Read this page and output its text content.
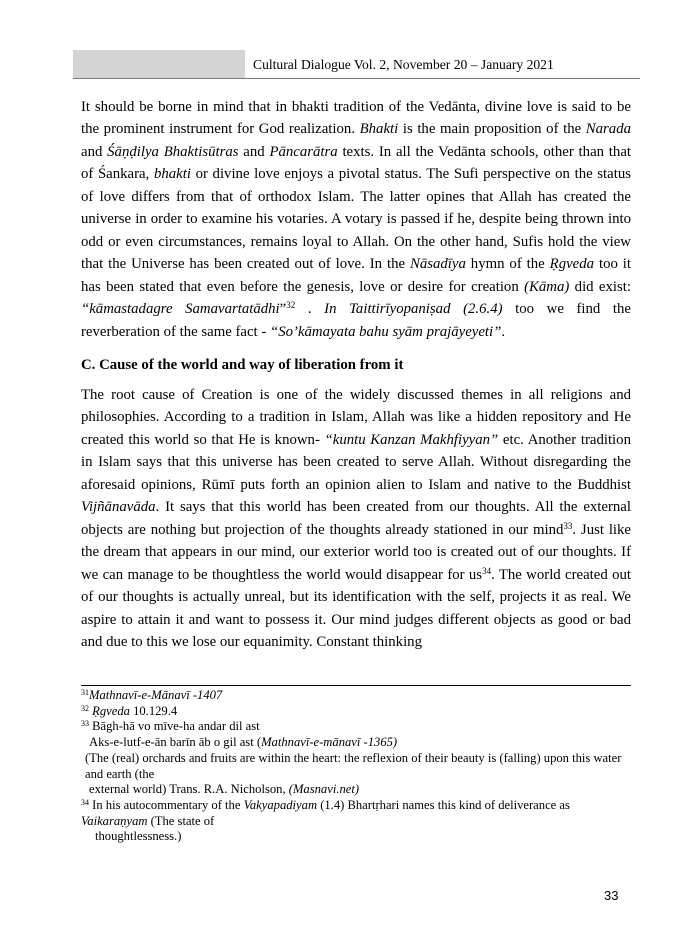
Cultural Dialogue Vol. 2, November 20 – January 2021

It should be borne in mind that in bhakti tradition of the Vedānta, divine love is said to be the prominent instrument for God realization. Bhakti is the main proposition of the Narada and Śāṇḍilya Bhaktisūtras and Pāncarātra texts. In all the Vedānta schools, other than that of Śankara, bhakti or divine love enjoys a pivotal status. The Sufi perspective on the status of love differs from that of orthodox Islam. The latter opines that Allah has created the universe in order to examine his votaries. A votary is passed if he, despite being thrown into odd or even circumstances, remains loyal to Allah. On the other hand, Sufis hold the view that the Universe has been created out of love. In the Nāsadīya hymn of the Ṛgveda too it has been stated that even before the genesis, love or desire for creation (Kāma) did exist: “kāmastadagre Samavartatādhi”$^{32}$ . In Taittirīyopaniṣad (2.6.4) too we find the reverberation of the same fact - “So’kāmayata bahu syām prajāyeyeti”.

C. Cause of the world and way of liberation from it

The root cause of Creation is one of the widely discussed themes in all religions and philosophies. According to a tradition in Islam, Allah was like a hidden repository and He created this world so that He is known- “kuntu Kanzan Makhfiyyan” etc. Another tradition in Islam says that this universe has been created to serve Allah. Without disregarding the aforesaid opinions, Rūmī puts forth an opinion alien to Islam and native to the Buddhist Vijñānavāda. It says that this world has been created from our thoughts. All the external objects are nothing but projection of the thoughts already stationed in our mind$^{33}$. Just like the dream that appears in our mind, our exterior world too is created out of our thoughts. If we can manage to be thoughtless the world would disappear for $us^{34}$. The world created out of our thoughts is actually unreal, but its identification with the self, projects it as real. We aspire to attain it and want to possess it. Our mind judges different objects as good or bad and due to this we lose our equanimity. Constant thinking

$^{31}$Mathnavī-e-Mānavī -1407
$^{32}$ Ṛgveda 10.129.4
$^{33}$ Bāgh-hā vo mīve-ha andar dil ast
Aks-e-lutf-e-ān barīn āb o gil ast (Mathnavī-e-mānavī -1365)
(The (real) orchards and fruits are within the heart: the reflexion of their beauty is (falling) upon this water and earth (the
external world) Trans. R.A. Nicholson, (Masnavi.net)
$^{34}$ In his autocommentary of the Vakyapadiyam (1.4) Bhartṛhari names this kind of deliverance as
Vaikaraṇyam (The state of
thoughtlessness.)
33
